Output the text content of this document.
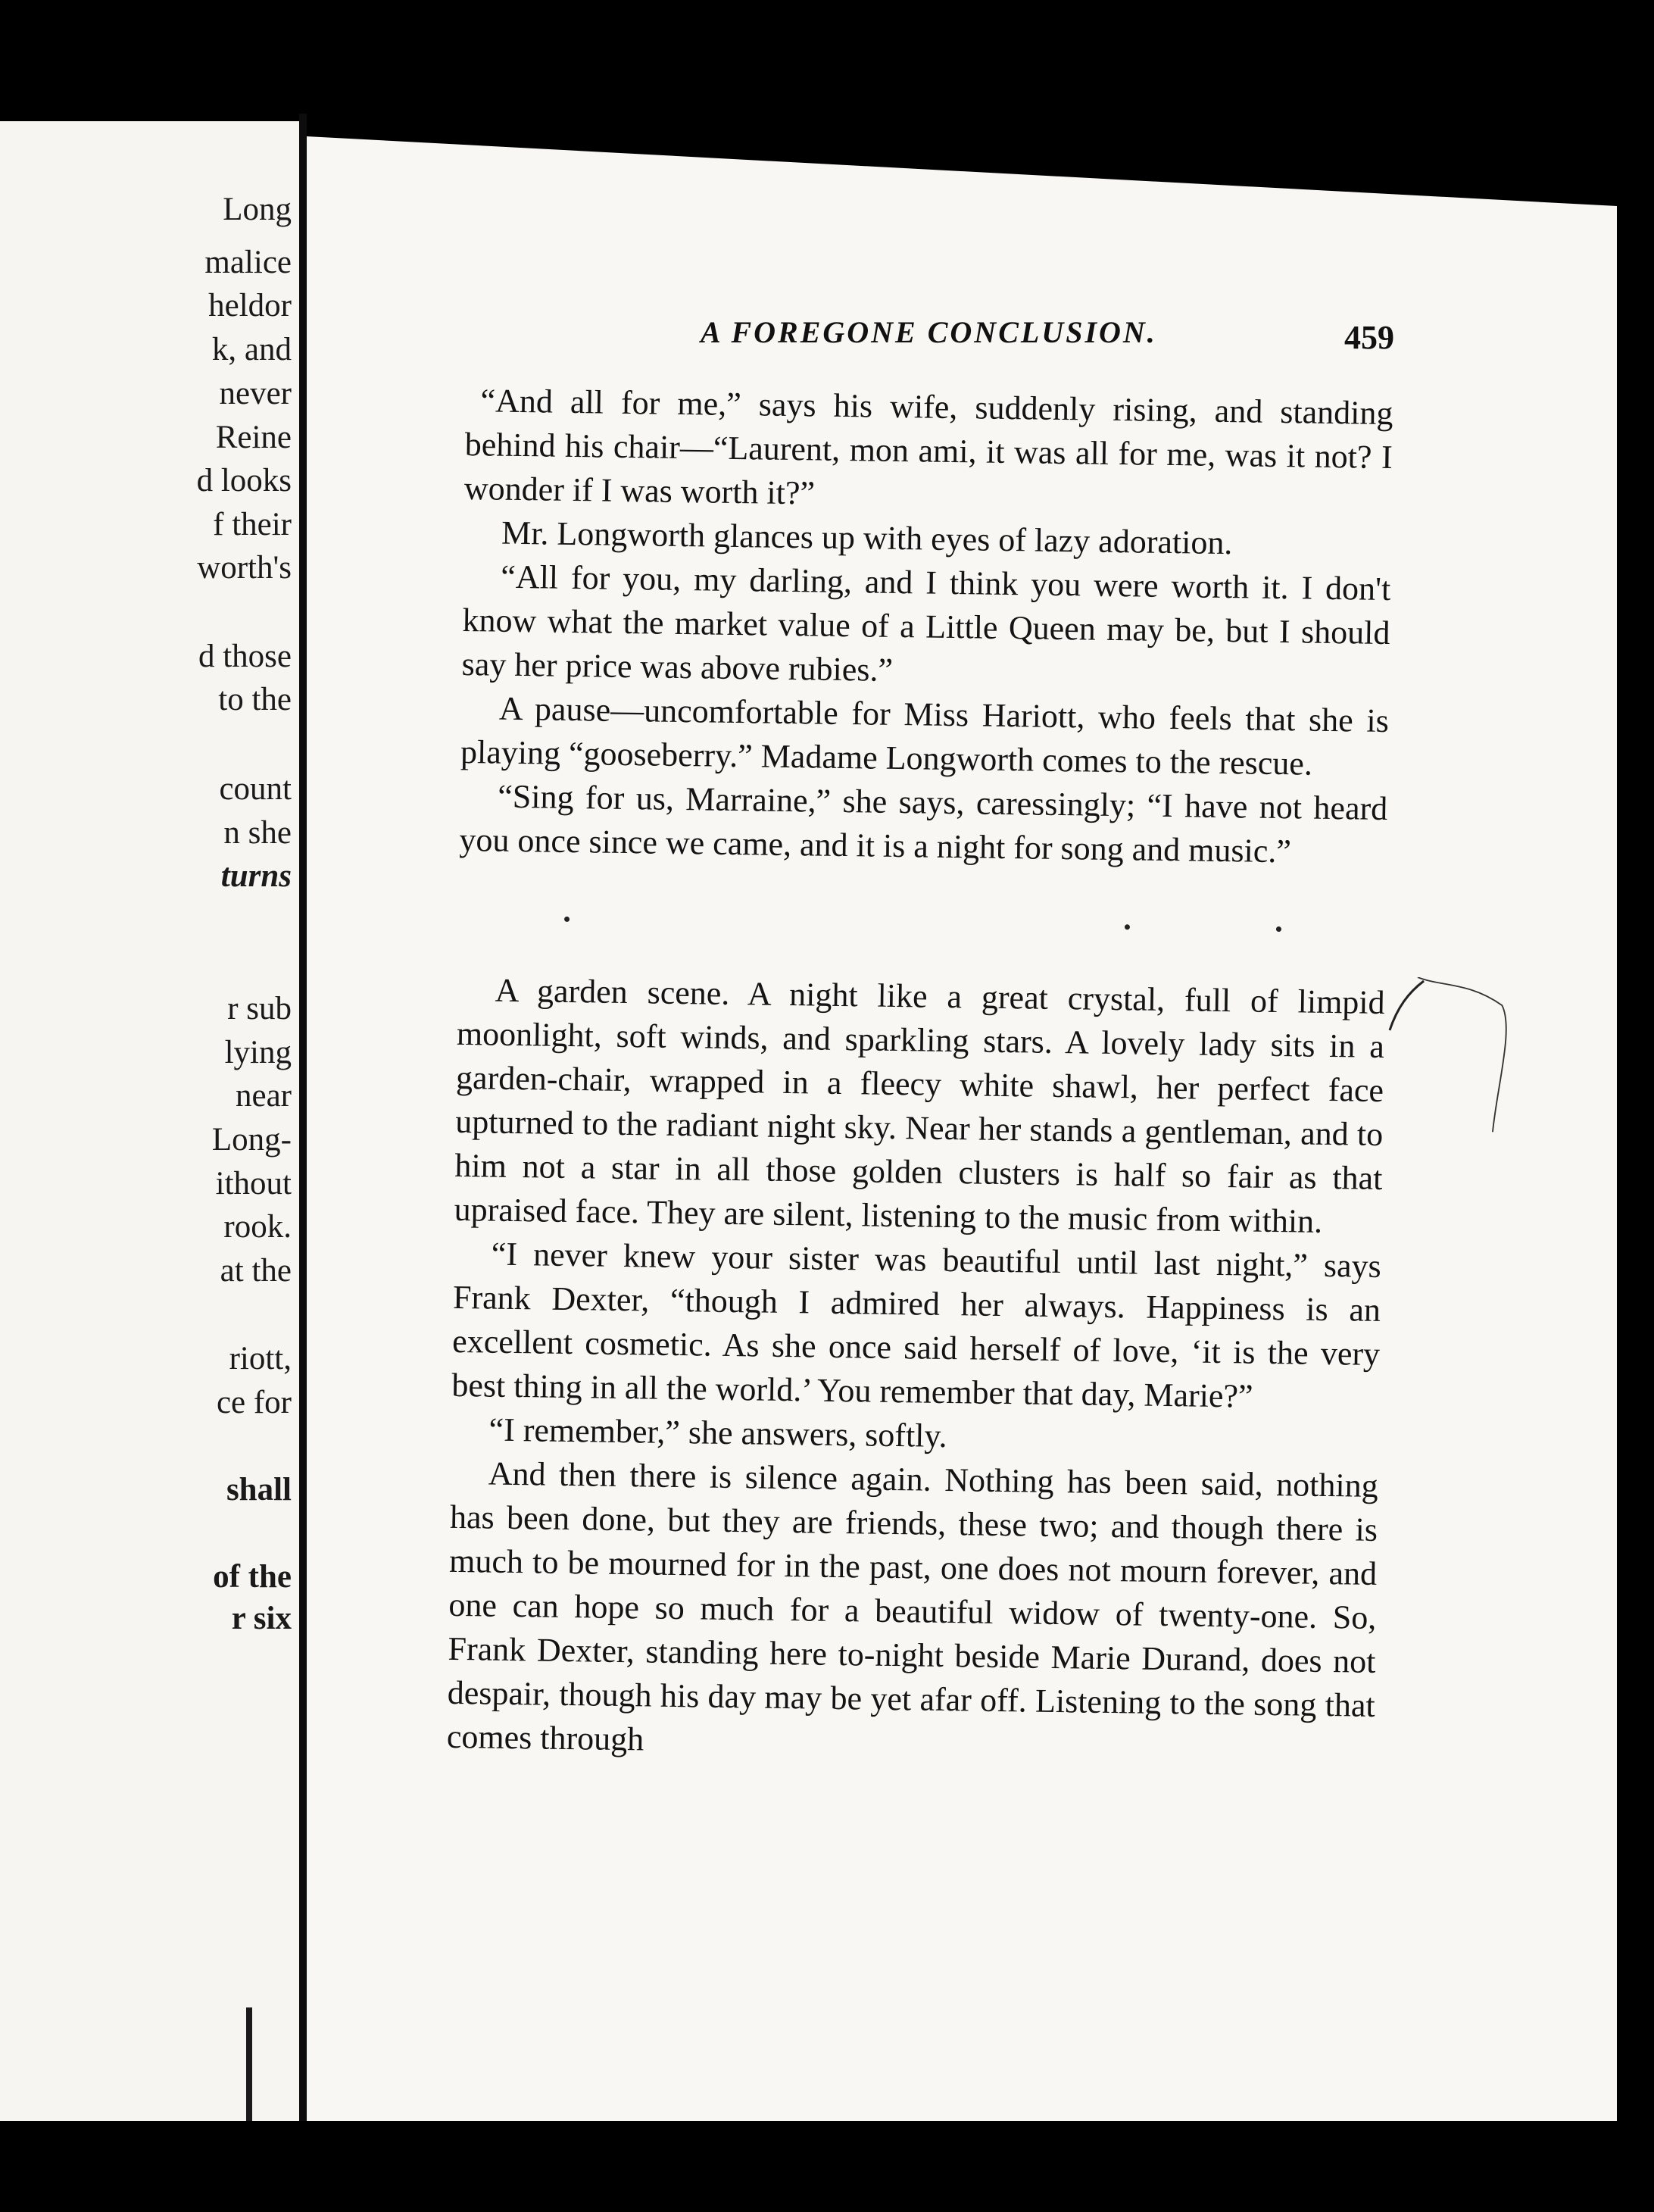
Long
malice
heldor
k, and
never
Reine
d looks
f their
worth's
d those
to the
count
n she
turns
r sub
lying
near
Long-
ithout
rook.
at the
riott,
ce for
shall
of the
r six
A FOREGONE CONCLUSION.	459

“And all for me,” says his wife, suddenly rising, and standing behind his chair—“Laurent, mon ami, it was all for me, was it not? I wonder if I was worth it?”

Mr. Longworth glances up with eyes of lazy adoration.

“All for you, my darling, and I think you were worth it. I don't know what the market value of a Little Queen may be, but I should say her price was above rubies.”

A pause—uncomfortable for Miss Hariott, who feels that she is playing “gooseberry.” Madame Longworth comes to the rescue.

“Sing for us, Marraine,” she says, caressingly; “I have not heard you once since we came, and it is a night for song and music.”

A garden scene. A night like a great crystal, full of limpid moonlight, soft winds, and sparkling stars. A lovely lady sits in a garden-chair, wrapped in a fleecy white shawl, her perfect face upturned to the radiant night sky. Near her stands a gentleman, and to him not a star in all those golden clusters is half so fair as that upraised face. They are silent, listening to the music from within.

“I never knew your sister was beautiful until last night,” says Frank Dexter, “though I admired her always. Happiness is an excellent cosmetic. As she once said herself of love, ‘it is the very best thing in all the world.’ You remember that day, Marie?”

“I remember,” she answers, softly.

And then there is silence again. Nothing has been said, nothing has been done, but they are friends, these two; and though there is much to be mourned for in the past, one does not mourn forever, and one can hope so much for a beautiful widow of twenty-one. So, Frank Dexter, standing here to-night beside Marie Durand, does not despair, though his day may be yet afar off. Listening to the song that comes through
